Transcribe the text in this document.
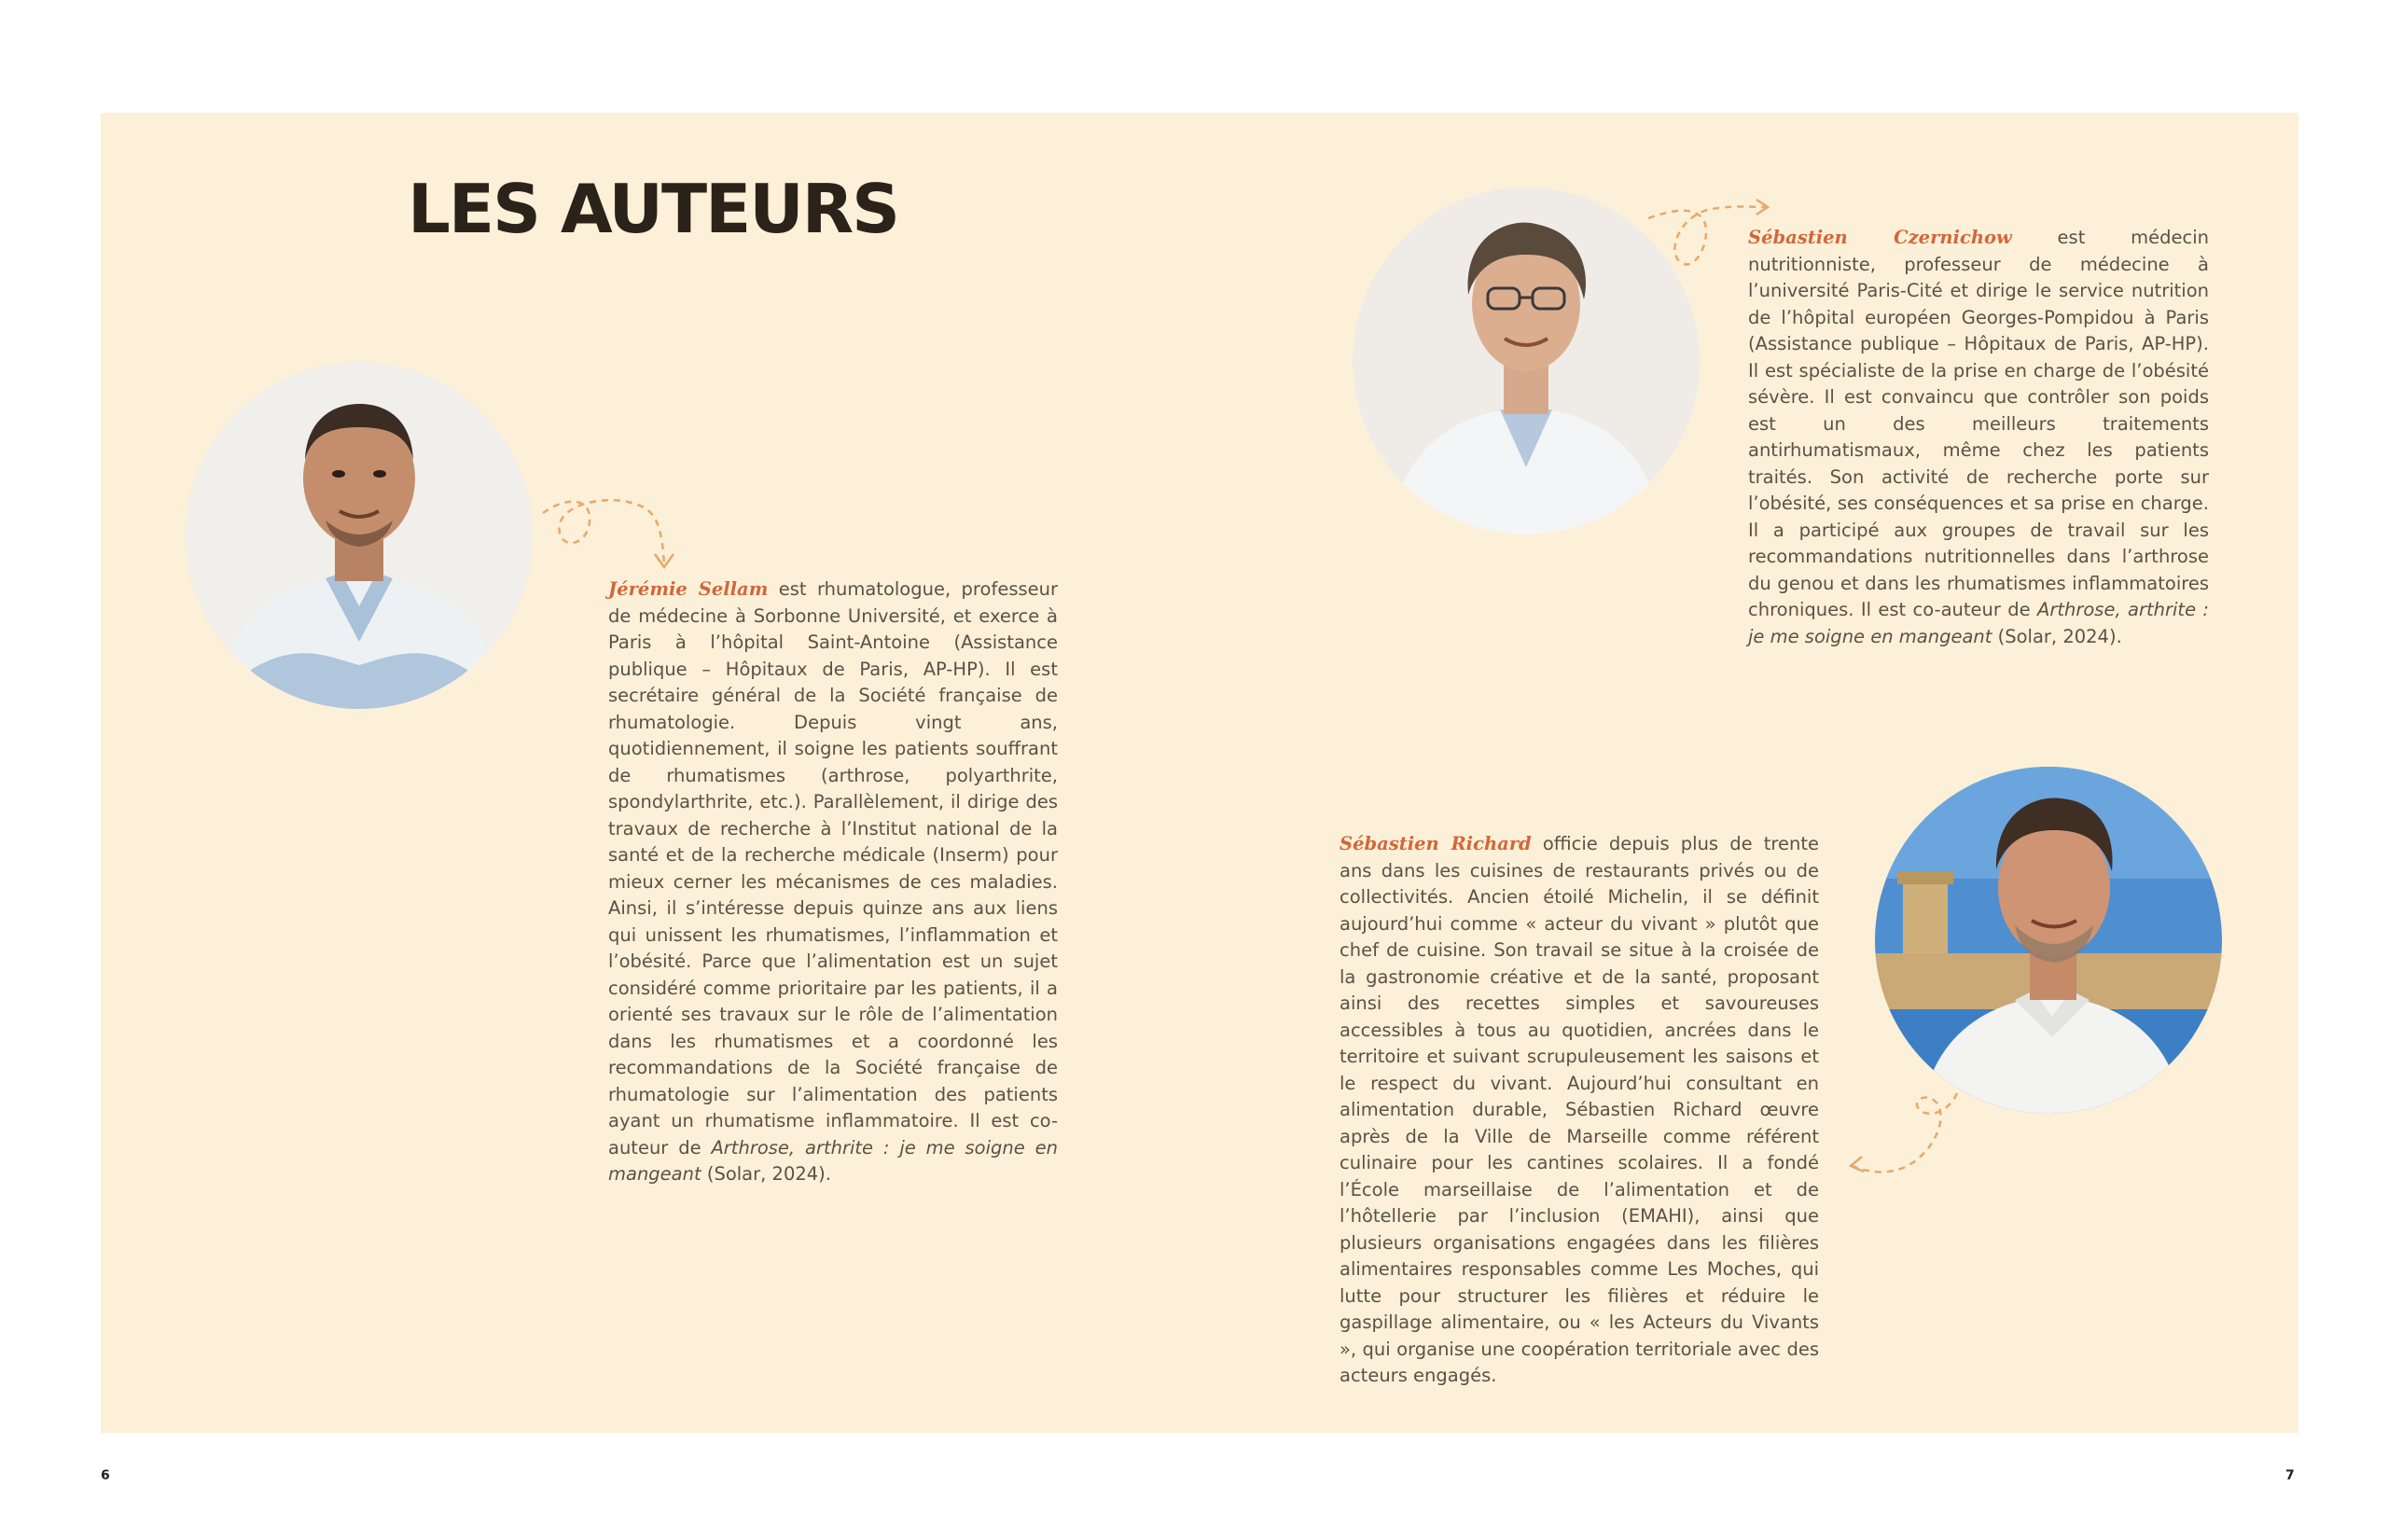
LES AUTEURS

Jérémie Sellam est rhumatologue, professeur de médecine à Sorbonne Université, et exerce à Paris à l’hôpital Saint-Antoine (Assistance publique – Hôpitaux de Paris, AP-HP). Il est secrétaire général de la Société française de rhumatologie. Depuis vingt ans, quotidiennement, il soigne les patients souffrant de rhumatismes (arthrose, polyarthrite, spondylarthrite, etc.). Parallèlement, il dirige des travaux de recherche à l’Institut national de la santé et de la recherche médicale (Inserm) pour mieux cerner les mécanismes de ces maladies. Ainsi, il s’intéresse depuis quinze ans aux liens qui unissent les rhumatismes, l’inflammation et l’obésité. Parce que l’alimentation est un sujet considéré comme prioritaire par les patients, il a orienté ses travaux sur le rôle de l’alimentation dans les rhumatismes et a coordonné les recommandations de la Société française de rhumatologie sur l’alimentation des patients ayant un rhumatisme inflammatoire. Il est co-auteur de Arthrose, arthrite : je me soigne en mangeant (Solar, 2024).

Sébastien Czernichow est médecin nutritionniste, professeur de médecine à l’université Paris-Cité et dirige le service nutrition de l’hôpital européen Georges-Pompidou à Paris (Assistance publique – Hôpitaux de Paris, AP-HP). Il est spécialiste de la prise en charge de l’obésité sévère. Il est convaincu que contrôler son poids est un des meilleurs traitements antirhumatismaux, même chez les patients traités. Son activité de recherche porte sur l’obésité, ses conséquences et sa prise en charge. Il a participé aux groupes de travail sur les recommandations nutritionnelles dans l’arthrose du genou et dans les rhumatismes inflammatoires chroniques. Il est co-auteur de Arthrose, arthrite : je me soigne en mangeant (Solar, 2024).

Sébastien Richard officie depuis plus de trente ans dans les cuisines de restaurants privés ou de collectivités. Ancien étoilé Michelin, il se définit aujourd’hui comme « acteur du vivant » plutôt que chef de cuisine. Son travail se situe à la croisée de la gastronomie créative et de la santé, proposant ainsi des recettes simples et savoureuses accessibles à tous au quotidien, ancrées dans le territoire et suivant scrupuleusement les saisons et le respect du vivant. Aujourd’hui consultant en alimentation durable, Sébastien Richard œuvre après de la Ville de Marseille comme référent culinaire pour les cantines scolaires. Il a fondé l’École marseillaise de l’alimentation et de l’hôtellerie par l’inclusion (EMAHI), ainsi que plusieurs organisations engagées dans les filières alimentaires responsables comme Les Moches, qui lutte pour structurer les filières et réduire le gaspillage alimentaire, ou « les Acteurs du Vivants », qui organise une coopération territoriale avec des acteurs engagés.

6	7
